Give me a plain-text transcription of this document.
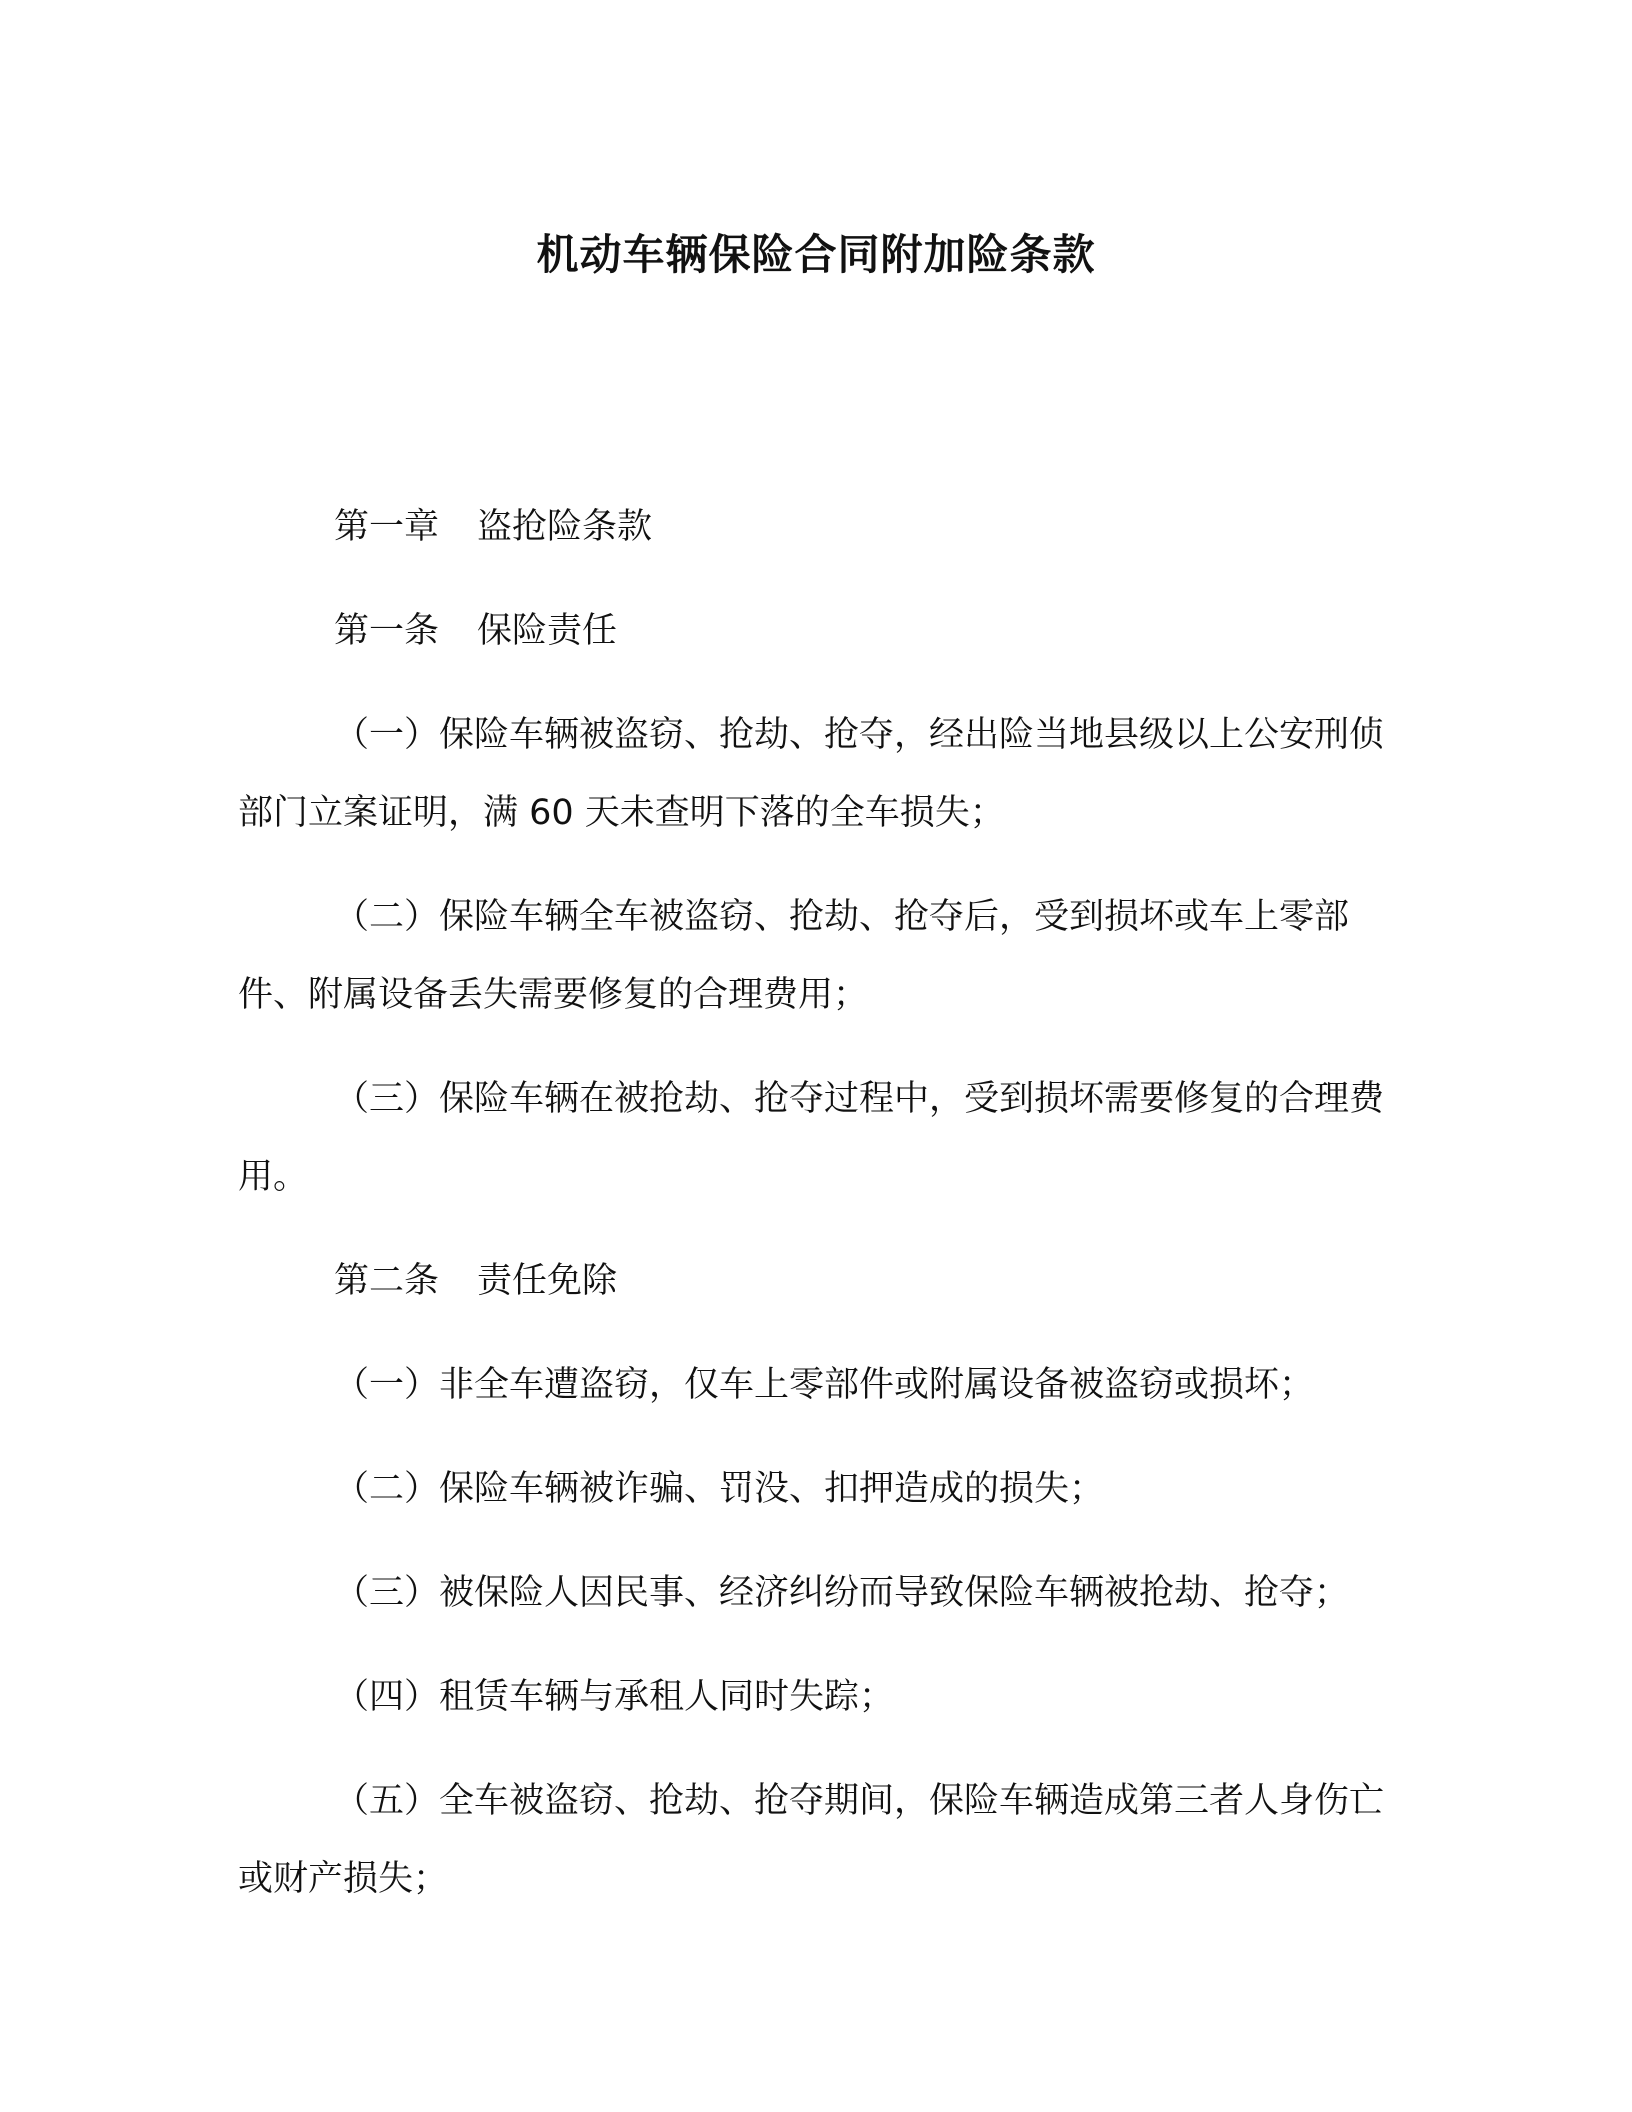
机动车辆保险合同附加险条款
第一章 盗抢险条款
第一条 保险责任

（一）保险车辆被盗窃、抢劫、抢夺，经出险当地县级以上公安刑侦部门立案证明，满 60 天未查明下落的全车损失；

（二）保险车辆全车被盗窃、抢劫、抢夺后，受到损坏或车上零部件、附属设备丢失需要修复的合理费用；

（三）保险车辆在被抢劫、抢夺过程中，受到损坏需要修复的合理费用。

第二条 责任免除

（一）非全车遭盗窃，仅车上零部件或附属设备被盗窃或损坏；

（二）保险车辆被诈骗、罚没、扣押造成的损失；

（三）被保险人因民事、经济纠纷而导致保险车辆被抢劫、抢夺；

（四）租赁车辆与承租人同时失踪；

（五）全车被盗窃、抢劫、抢夺期间，保险车辆造成第三者人身伤亡或财产损失；
